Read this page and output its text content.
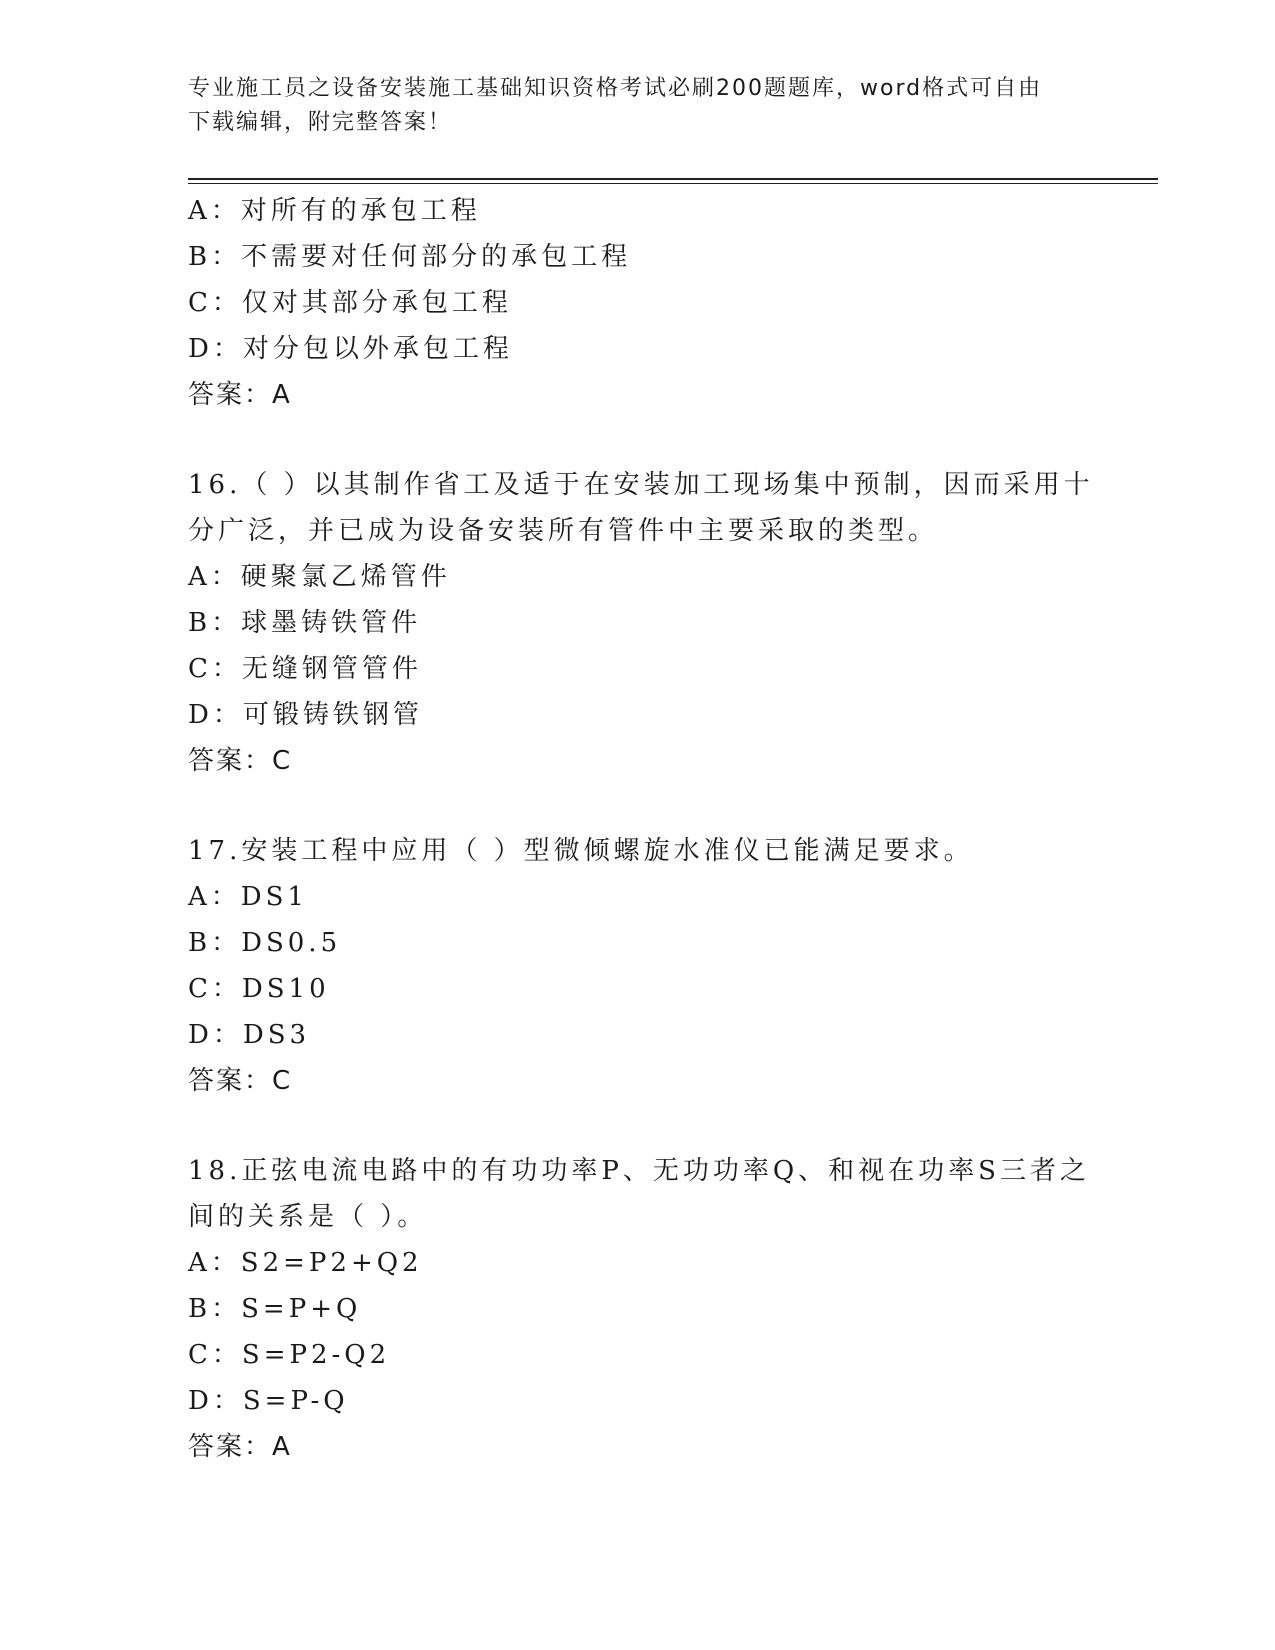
专业施工员之设备安装施工基础知识资格考试必刷200题题库，word格式可自由
下载编辑，附完整答案！
A：对所有的承包工程
B：不需要对任何部分的承包工程
C：仅对其部分承包工程
D：对分包以外承包工程
答案：A
16.（ ）以其制作省工及适于在安装加工现场集中预制，因而采用十
分广泛，并已成为设备安装所有管件中主要采取的类型。
A：硬聚氯乙烯管件
B：球墨铸铁管件
C：无缝钢管管件
D：可锻铸铁钢管
答案：C
17.安装工程中应用（ ）型微倾螺旋水准仪已能满足要求。
A：DS1
B：DS0.5
C：DS10
D：DS3
答案：C
18.正弦电流电路中的有功功率P、无功功率Q、和视在功率S三者之
间的关系是（ ）。
A：S2=P2+Q2
B：S=P+Q
C：S=P2-Q2
D：S=P-Q
答案：A
